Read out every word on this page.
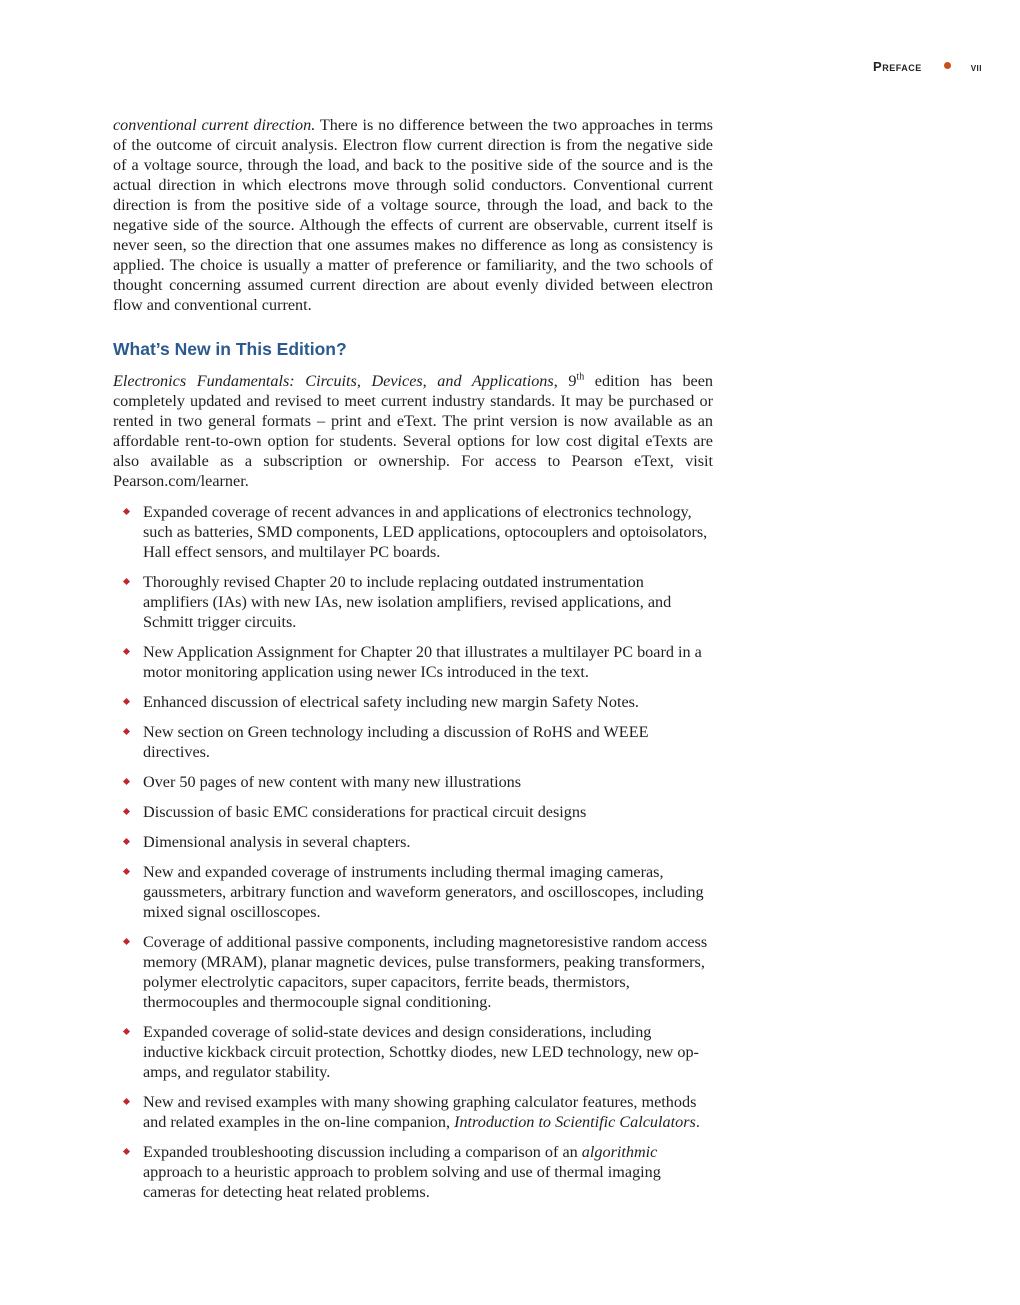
Preface	vii

conventional current direction. There is no difference between the two approaches in terms of the outcome of circuit analysis. Electron flow current direction is from the negative side of a voltage source, through the load, and back to the positive side of the source and is the actual direction in which electrons move through solid conductors. Conventional current direction is from the positive side of a voltage source, through the load, and back to the negative side of the source. Although the effects of current are observable, current itself is never seen, so the direction that one assumes makes no difference as long as consistency is applied. The choice is usually a matter of preference or familiarity, and the two schools of thought concerning assumed current direction are about evenly divided between electron flow and conventional current.

What’s New in This Edition?

Electronics Fundamentals: Circuits, Devices, and Applications, 9th edition has been completely updated and revised to meet current industry standards. It may be purchased or rented in two general formats – print and eText. The print version is now available as an affordable rent-to-own option for students. Several options for low cost digital eTexts are also available as a subscription or ownership. For access to Pearson eText, visit Pearson.com/learner.

Expanded coverage of recent advances in and applications of electronics technology, such as batteries, SMD components, LED applications, optocouplers and optoisolators, Hall effect sensors, and multilayer PC boards.
Thoroughly revised Chapter 20 to include replacing outdated instrumentation amplifiers (IAs) with new IAs, new isolation amplifiers, revised applications, and Schmitt trigger circuits.
New Application Assignment for Chapter 20 that illustrates a multilayer PC board in a motor monitoring application using newer ICs introduced in the text.
Enhanced discussion of electrical safety including new margin Safety Notes.
New section on Green technology including a discussion of RoHS and WEEE directives.
Over 50 pages of new content with many new illustrations
Discussion of basic EMC considerations for practical circuit designs
Dimensional analysis in several chapters.
New and expanded coverage of instruments including thermal imaging cameras, gaussmeters, arbitrary function and waveform generators, and oscilloscopes, including mixed signal oscilloscopes.
Coverage of additional passive components, including magnetoresistive random access memory (MRAM), planar magnetic devices, pulse transformers, peaking transformers, polymer electrolytic capacitors, super capacitors, ferrite beads, thermistors, thermocouples and thermocouple signal conditioning.
Expanded coverage of solid-state devices and design considerations, including inductive kickback circuit protection, Schottky diodes, new LED technology, new op-amps, and regulator stability.
New and revised examples with many showing graphing calculator features, methods and related examples in the on-line companion, Introduction to Scientific Calculators.
Expanded troubleshooting discussion including a comparison of an algorithmic approach to a heuristic approach to problem solving and use of thermal imaging cameras for detecting heat related problems.
